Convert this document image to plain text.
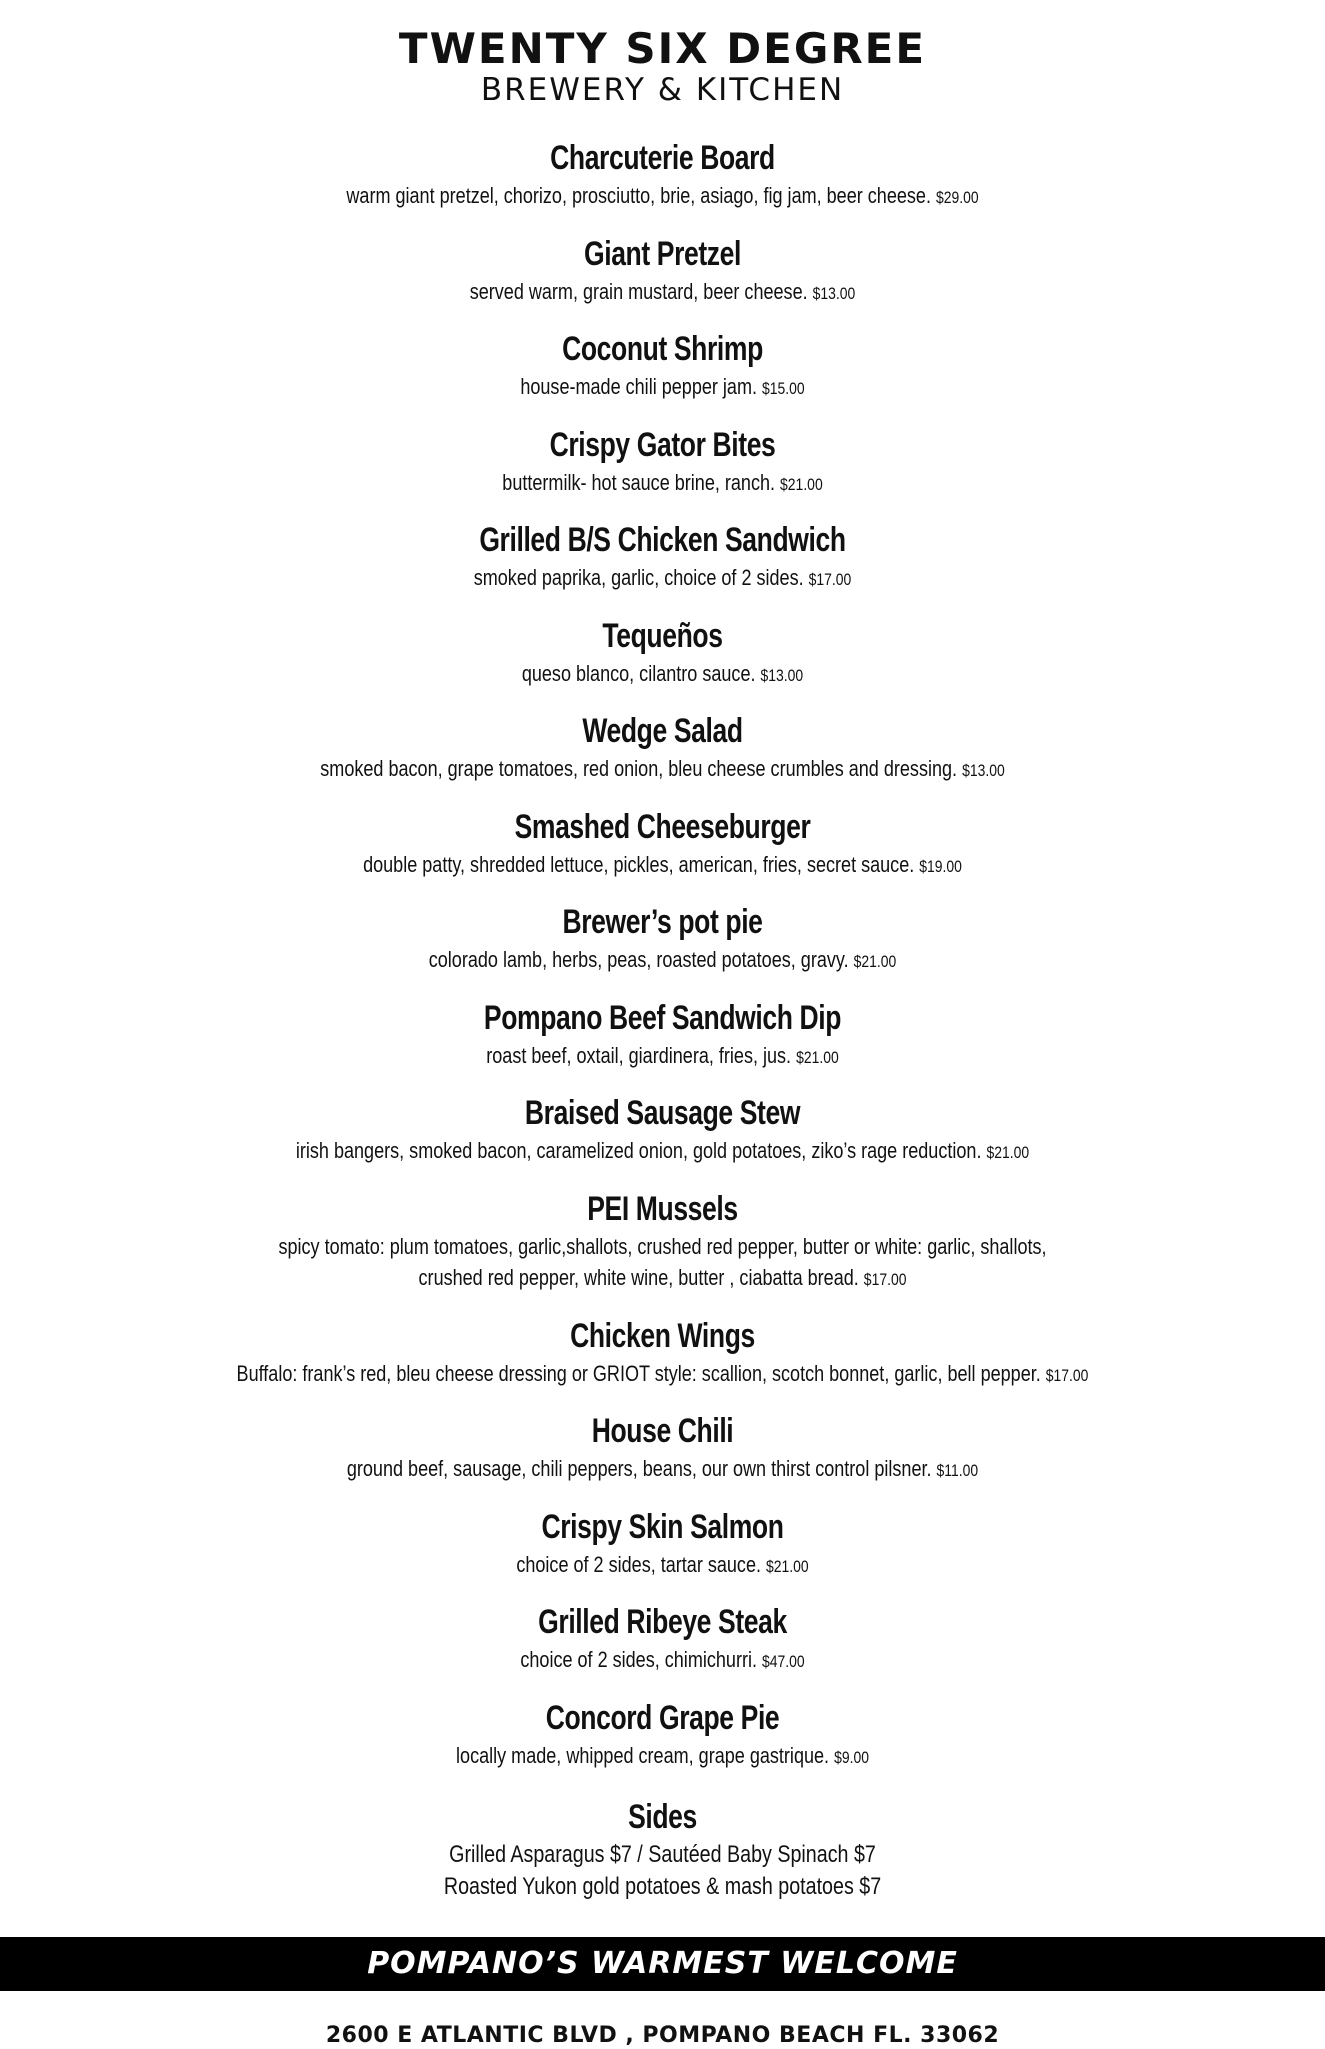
TWENTY SIX DEGREE
BREWERY & KITCHEN
Charcuterie Board
warm giant pretzel, chorizo, prosciutto, brie, asiago, fig jam, beer cheese. $29.00
Giant Pretzel
served warm, grain mustard, beer cheese. $13.00
Coconut Shrimp
house-made chili pepper jam. $15.00
Crispy Gator Bites
buttermilk- hot sauce brine, ranch. $21.00
Grilled B/S Chicken Sandwich
smoked paprika, garlic, choice of 2 sides. $17.00
Tequeños
queso blanco, cilantro sauce. $13.00
Wedge Salad
smoked bacon, grape tomatoes, red onion, bleu cheese crumbles and dressing. $13.00
Smashed Cheeseburger
double patty, shredded lettuce, pickles, american, fries, secret sauce. $19.00
Brewer’s pot pie
colorado lamb, herbs, peas, roasted potatoes, gravy. $21.00
Pompano Beef Sandwich Dip
roast beef, oxtail, giardinera, fries, jus. $21.00
Braised Sausage Stew
irish bangers, smoked bacon, caramelized onion, gold potatoes, ziko’s rage reduction. $21.00
PEI Mussels
spicy tomato: plum tomatoes, garlic,shallots, crushed red pepper, butter or white: garlic, shallots,
crushed red pepper, white wine, butter , ciabatta bread. $17.00
Chicken Wings
Buffalo: frank’s red, bleu cheese dressing or GRIOT style: scallion, scotch bonnet, garlic, bell pepper. $17.00
House Chili
ground beef, sausage, chili peppers, beans, our own thirst control pilsner. $11.00
Crispy Skin Salmon
choice of 2 sides, tartar sauce. $21.00
Grilled Ribeye Steak
choice of 2 sides, chimichurri. $47.00
Concord Grape Pie
locally made, whipped cream, grape gastrique. $9.00
Sides
Grilled Asparagus $7 / Sautéed Baby Spinach $7
Roasted Yukon gold potatoes & mash potatoes $7
POMPANO’S WARMEST WELCOME
2600 E ATLANTIC BLVD , POMPANO BEACH FL. 33062
